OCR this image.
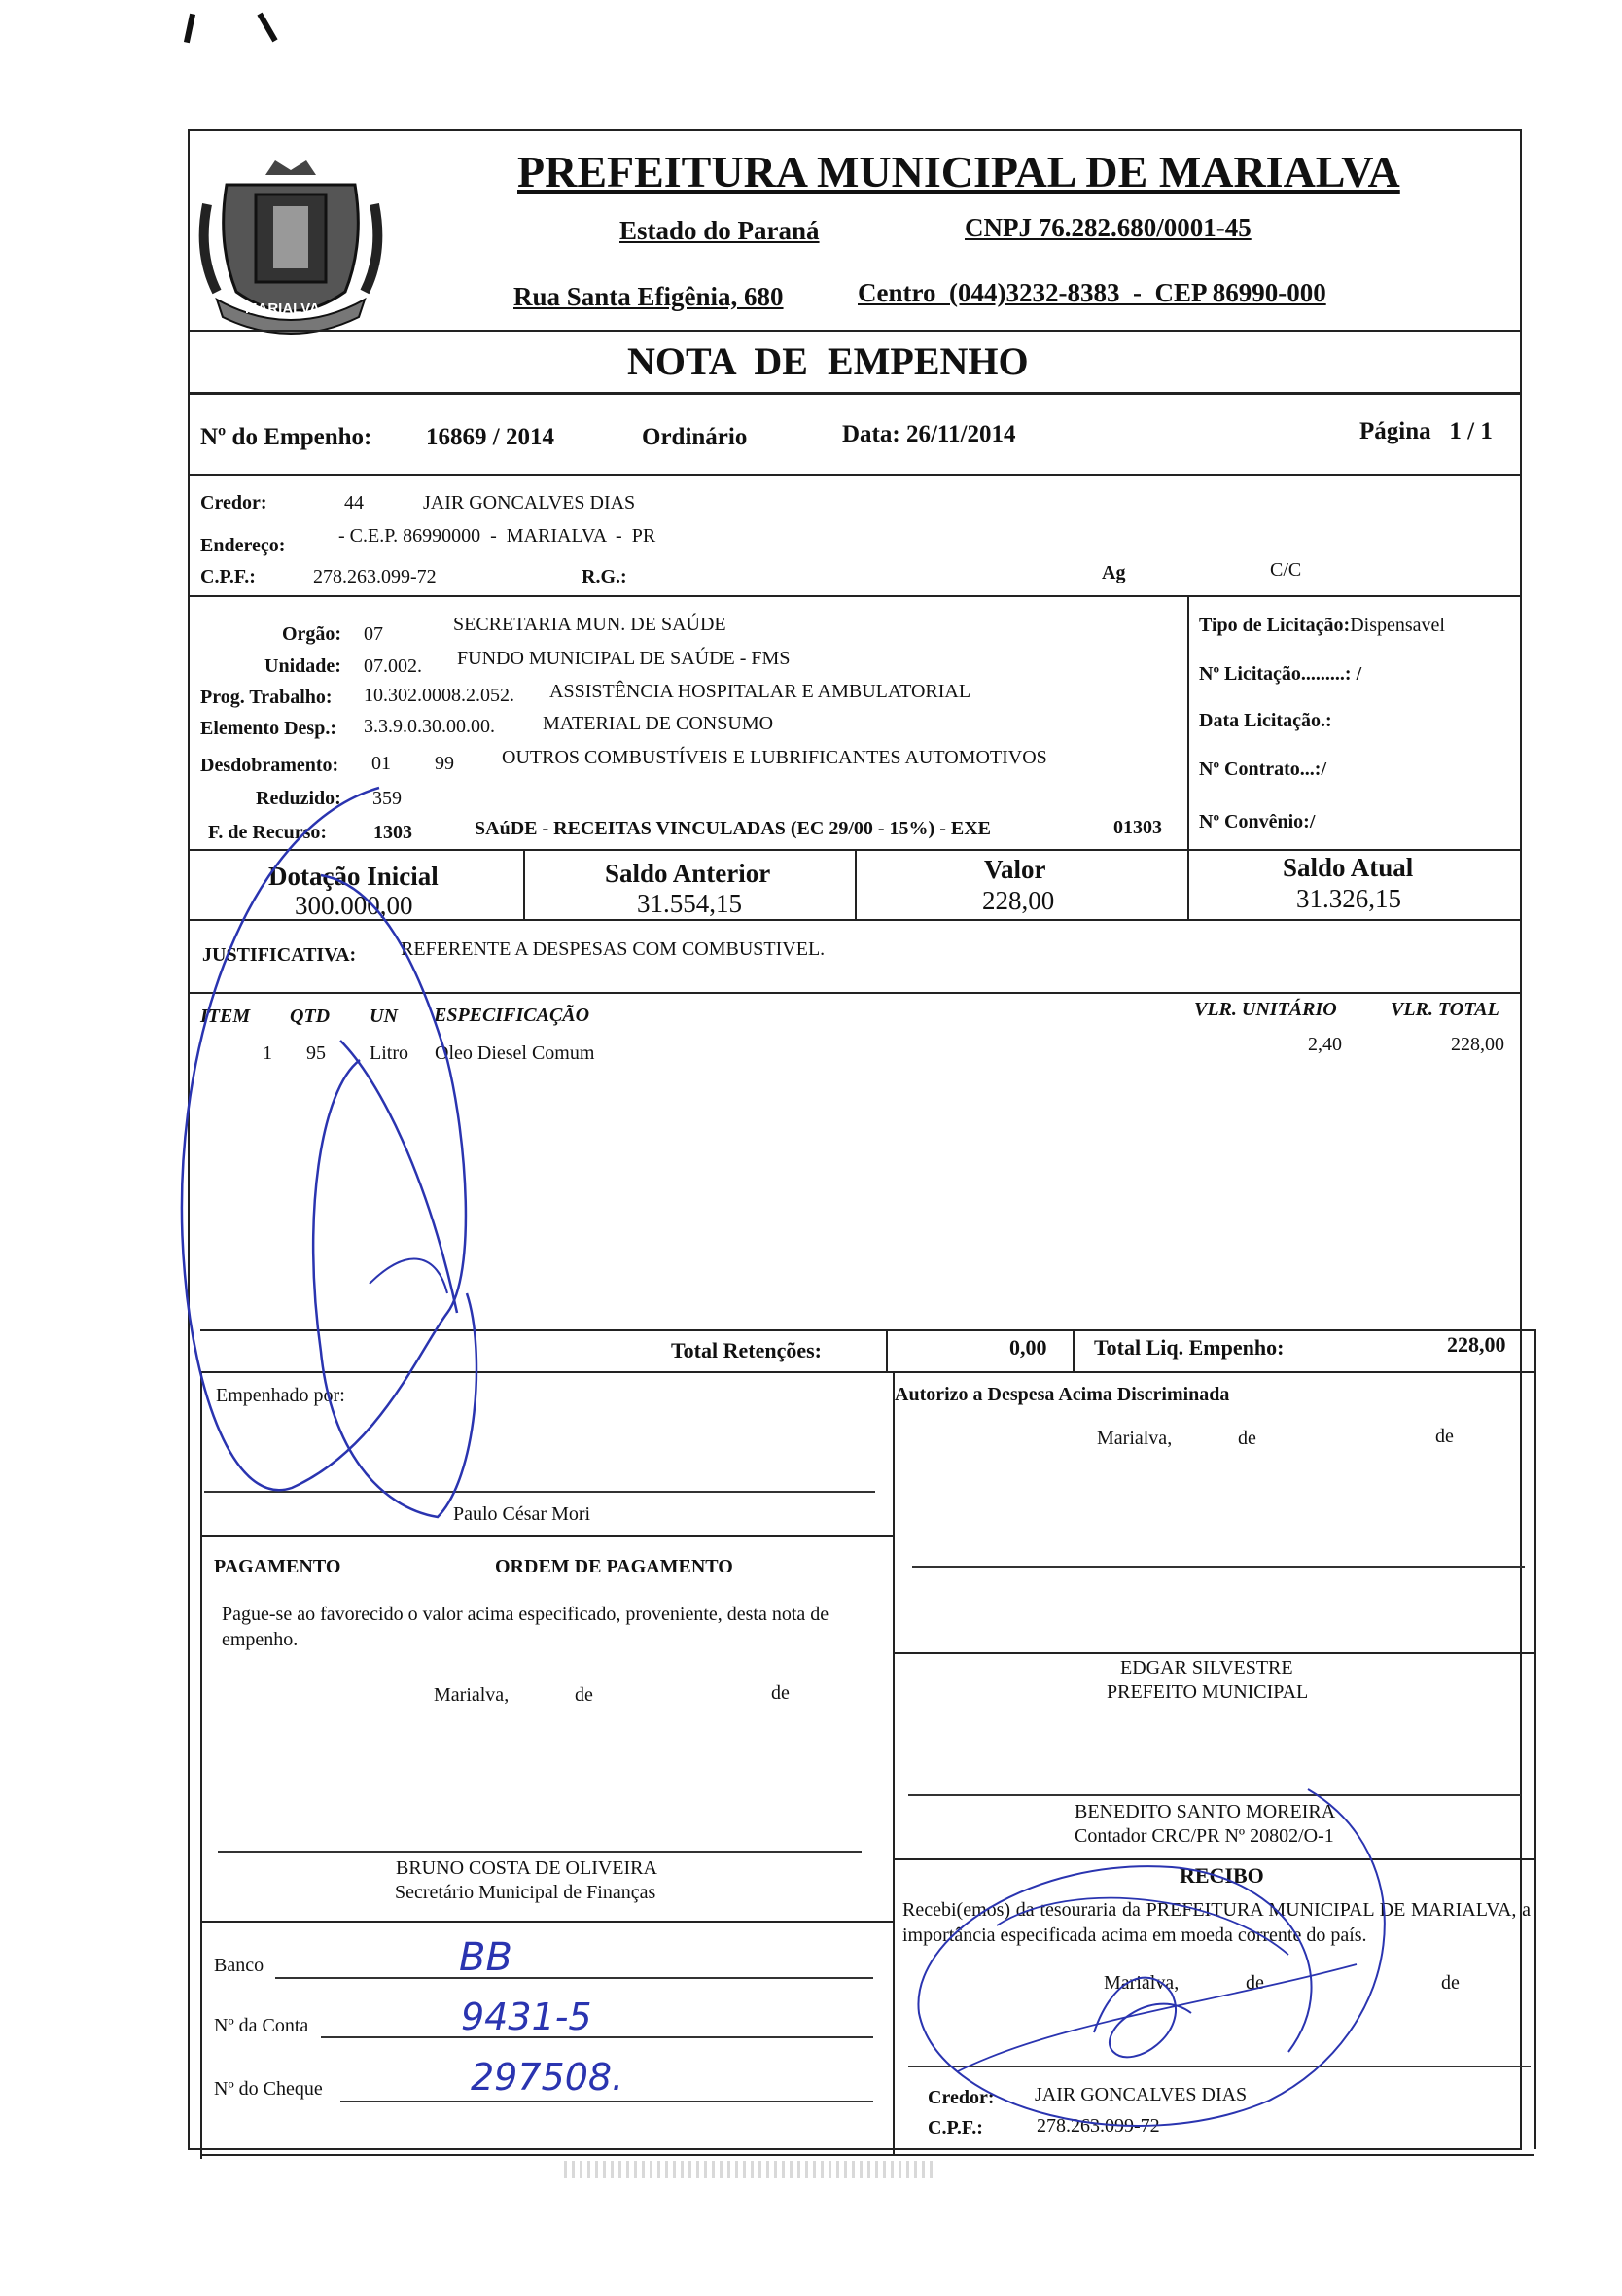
MARIALVA
PREFEITURA MUNICIPAL DE MARIALVA
Estado do Paraná	CNPJ 76.282.680/0001-45
Rua Santa Efigênia, 680	Centro  (044)3232-8383  -  CEP 86990-000
NOTA  DE  EMPENHO
Nº do Empenho: 16869 / 2014	Ordinário	Data: 26/11/2014	Página   1 / 1
Credor:	44	JAIR GONCALVES DIAS
Endereço:	- C.E.P. 86990000  -  MARIALVA  -  PR
C.P.F.:	278.263.099-72	R.G.:	Ag	C/C
Orgão: 07	SECRETARIA MUN. DE SAÚDE
Unidade: 07.002. FUNDO MUNICIPAL DE SAÚDE - FMS
Prog. Trabalho: 10.302.0008.2.052. ASSISTÊNCIA HOSPITALAR E AMBULATORIAL
Elemento Desp.: 3.3.9.0.30.00.00. MATERIAL DE CONSUMO
Desdobramento: 01 99 OUTROS COMBUSTÍVEIS E LUBRIFICANTES AUTOMOTIVOS
Reduzido: 359
F. de Recurso: 1303	SAúDE - RECEITAS VINCULADAS (EC 29/00 - 15%) - EXE	01303
Tipo de Licitação:Dispensavel
Nº Licitação.........: /
Data Licitação.:
Nº Contrato...:/
Nº Convênio:/
Dotação Inicial
300.000,00
Saldo Anterior
31.554,15
Valor
228,00
Saldo Atual
31.326,15
JUSTIFICATIVA: REFERENTE A DESPESAS COM COMBUSTIVEL.
ITEM QTD UN ESPECIFICAÇÃO	VLR. UNITÁRIO	VLR. TOTAL
1 95 Litro Oleo Diesel Comum	2,40	228,00
Total Retenções:	0,00 Total Liq. Empenho:	228,00
Empenhado por:
Paulo César Mori
Autorizo a Despesa Acima Discriminada
Marialva,	de	de
EDGAR SILVESTRE
PREFEITO MUNICIPAL
BENEDITO SANTO MOREIRA
Contador CRC/PR Nº 20802/O-1
PAGAMENTO	ORDEM DE PAGAMENTO
Pague-se ao favorecido o valor acima especificado, proveniente, desta nota de empenho.
Marialva,	de	de
BRUNO COSTA DE OLIVEIRA
Secretário Municipal de Finanças
Banco	BB
Nº da Conta	9431-5
Nº do Cheque	297508.
RECIBO
Recebi(emos) da tesouraria da PREFEITURA MUNICIPAL DE MARIALVA, a importância especificada acima em moeda corrente do país.
Marialva,	de	de
Credor: JAIR GONCALVES DIAS
C.P.F.:	278.263.099-72
